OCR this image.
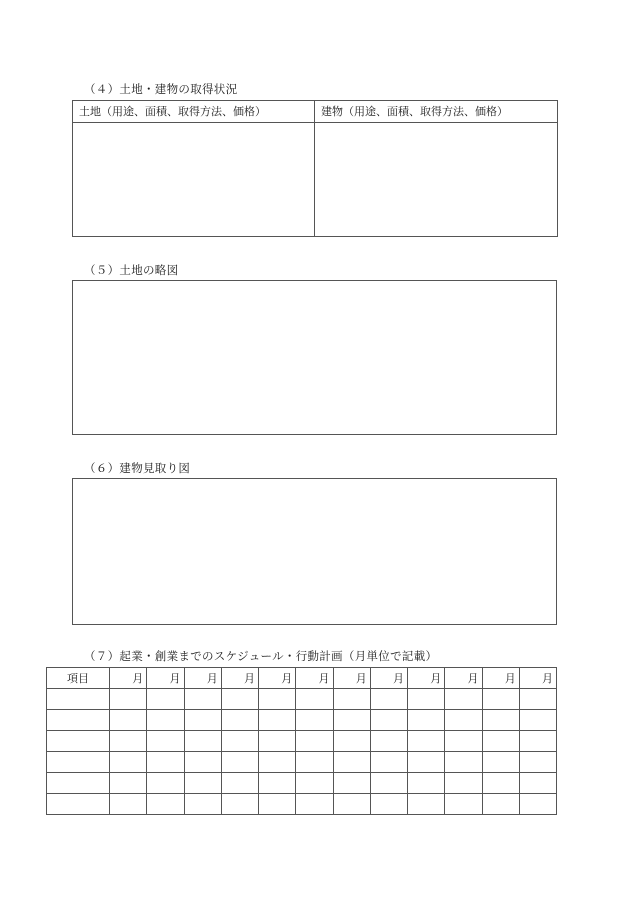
（４）土地・建物の取得状況
土地（用途、面積、取得方法、価格）	建物（用途、面積、取得方法、価格）

（５）土地の略図
（６）建物見取り図
（７）起業・創業までのスケジュール・行動計画（月単位で記載）
項目	月	月	月	月	月	月	月	月	月	月	月	月
